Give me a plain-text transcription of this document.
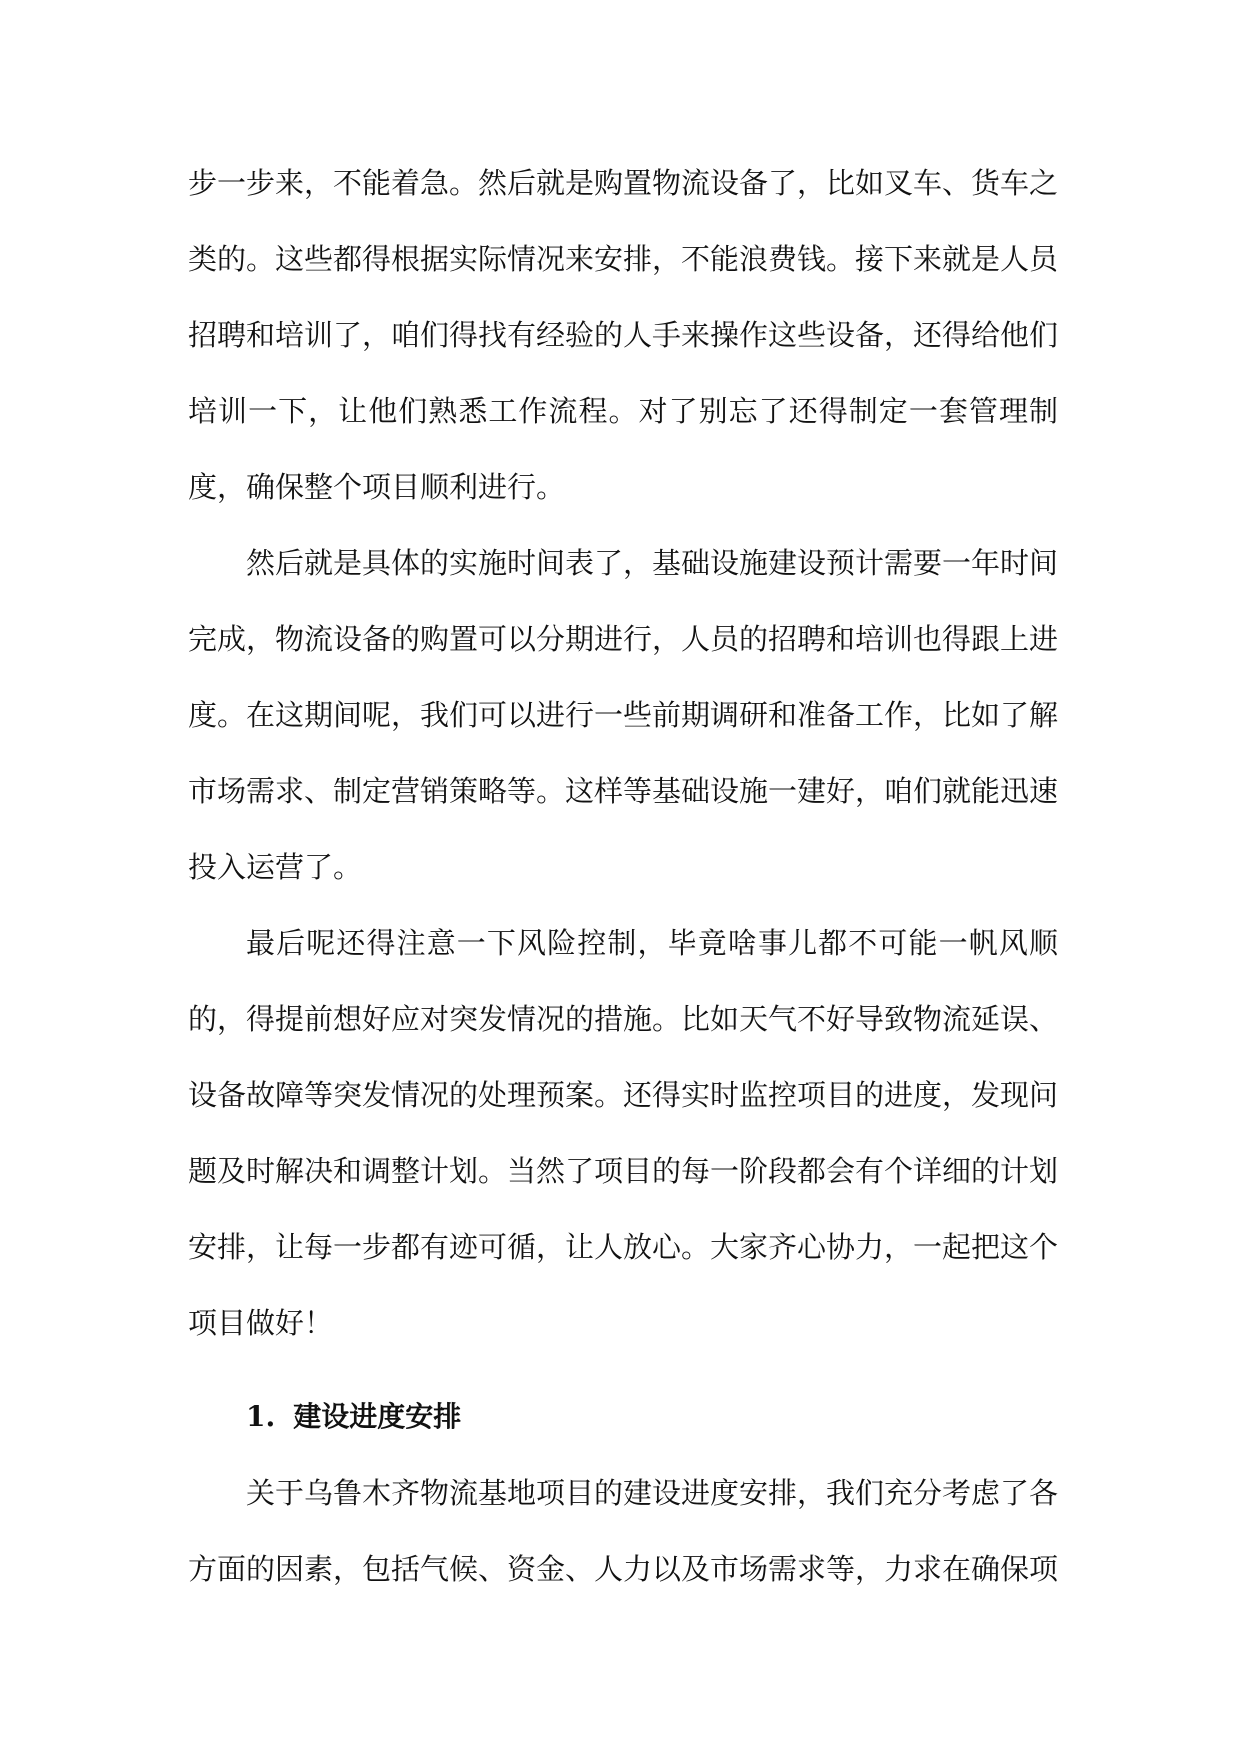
步一步来，不能着急。然后就是购置物流设备了，比如叉车、货车之类的。这些都得根据实际情况来安排，不能浪费钱。接下来就是人员招聘和培训了，咱们得找有经验的人手来操作这些设备，还得给他们培训一下，让他们熟悉工作流程。对了别忘了还得制定一套管理制度，确保整个项目顺利进行。

然后就是具体的实施时间表了，基础设施建设预计需要一年时间完成，物流设备的购置可以分期进行，人员的招聘和培训也得跟上进度。在这期间呢，我们可以进行一些前期调研和准备工作，比如了解市场需求、制定营销策略等。这样等基础设施一建好，咱们就能迅速投入运营了。

最后呢还得注意一下风险控制，毕竟啥事儿都不可能一帆风顺的，得提前想好应对突发情况的措施。比如天气不好导致物流延误、设备故障等突发情况的处理预案。还得实时监控项目的进度，发现问题及时解决和调整计划。当然了项目的每一阶段都会有个详细的计划安排，让每一步都有迹可循，让人放心。大家齐心协力，一起把这个项目做好！

1. 建设进度安排

关于乌鲁木齐物流基地项目的建设进度安排，我们充分考虑了各方面的因素，包括气候、资金、人力以及市场需求等，力求在确保项
